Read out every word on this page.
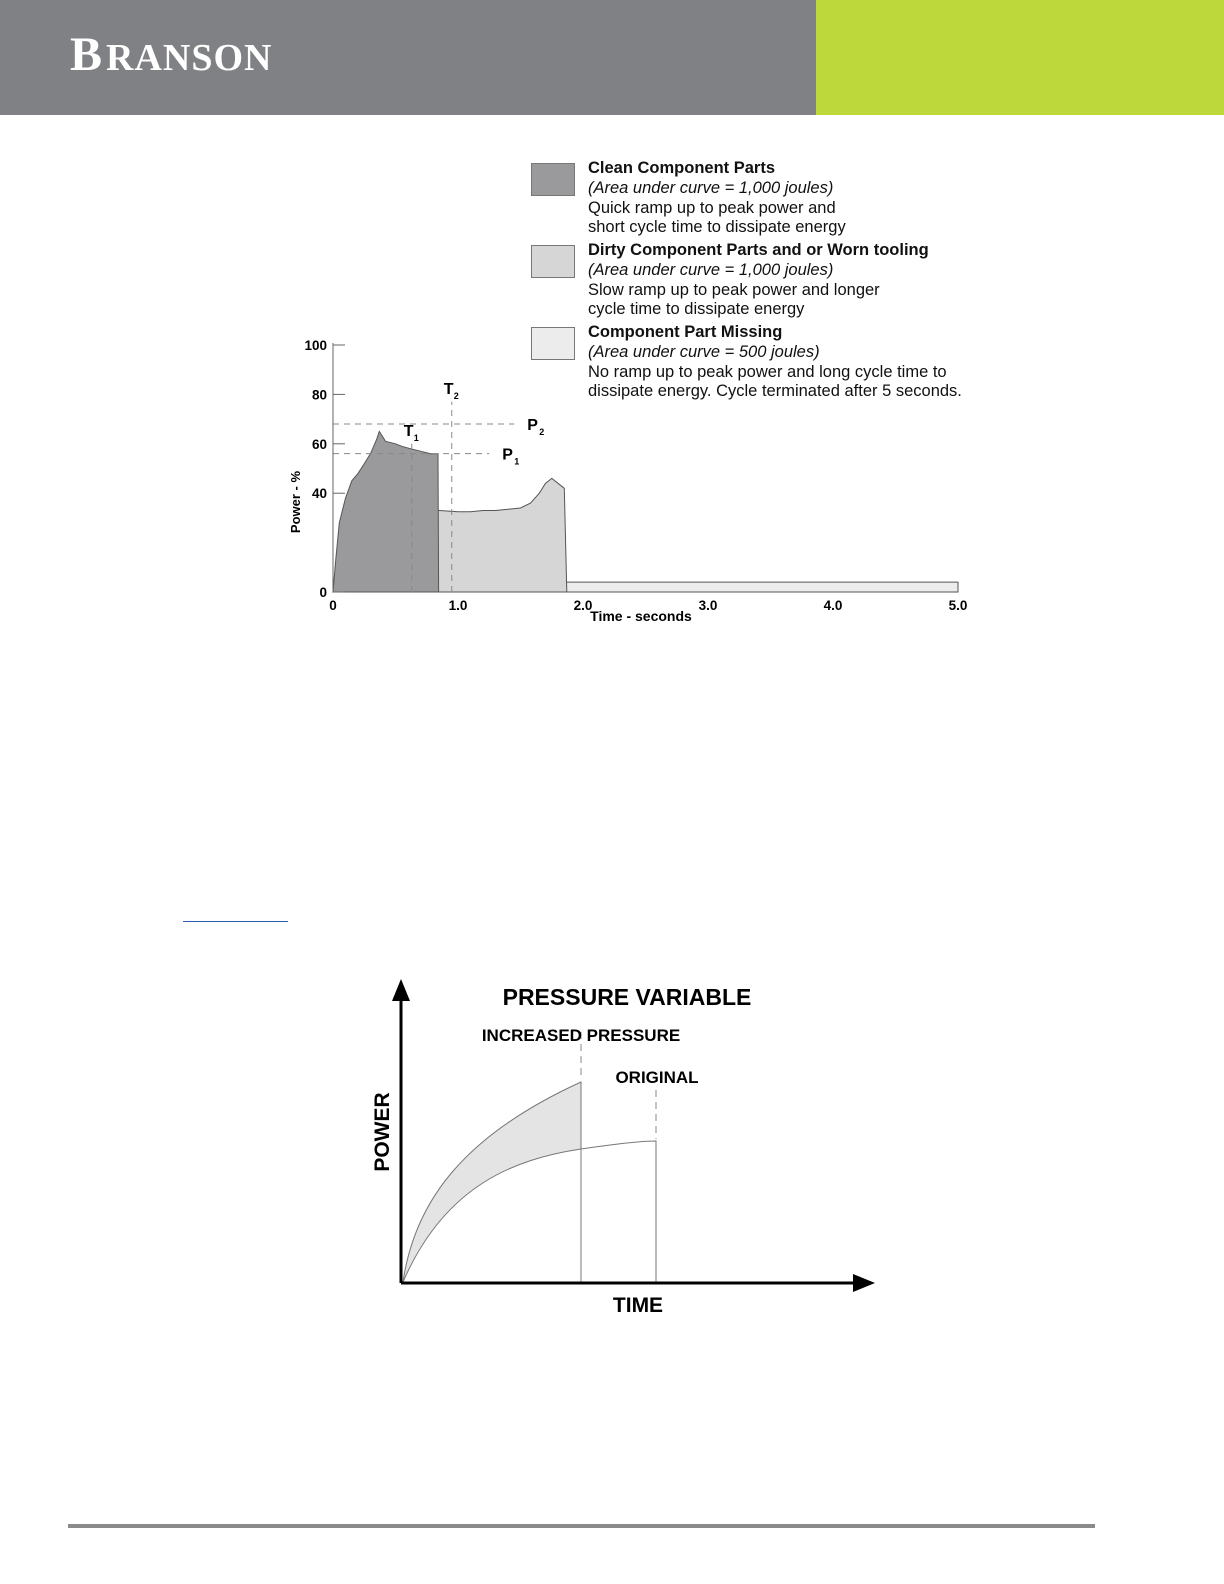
B RANSON
Clean Component Parts
(Area under curve = 1,000 joules)
Quick ramp up to peak power and
short cycle time to dissipate energy
Dirty Component Parts and or Worn tooling
(Area under curve = 1,000 joules)
Slow ramp up to peak power and longer
cycle time to dissipate energy
Component Part Missing
(Area under curve = 500 joules)
No ramp up to peak power and long cycle time to
dissipate energy. Cycle terminated after 5 seconds.
T 1
T 2
P 2
P 1
0
40
60
80
100
0	1.0	2.0	3.0	4.0	5.0
Time - seconds
Power - %
PRESSURE VARIABLE
INCREASED PRESSURE
ORIGINAL
TIME
POWER
